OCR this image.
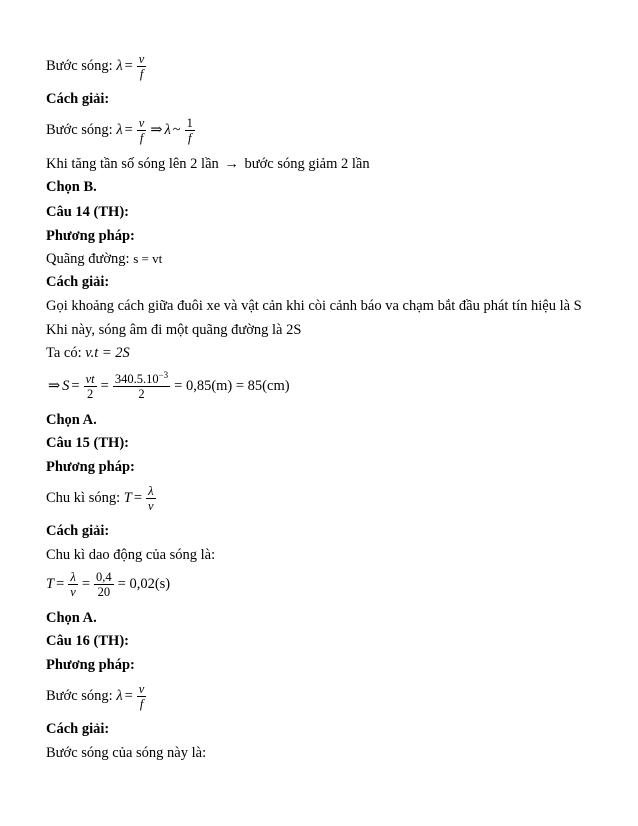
Bước sóng: $\lambda = \frac{v}{f}$
Cách giải:
Bước sóng: $\lambda = \frac{v}{f}$ ⇒ λ ~ $\frac{1}{f}$
Khi tăng tần số sóng lên 2 lần → bước sóng giảm 2 lần
Chọn B.
Câu 14 (TH):
Phương pháp:
Quãng đường: s = vt
Cách giải:
Gọi khoảng cách giữa đuôi xe và vật cản khi còi cảnh báo va chạm bắt đầu phát tín hiệu là S
Khi này, sóng âm đi một quãng đường là 2S
Ta có: v.t = 2S
⇒ $S = \frac{vt}{2} = \frac{340.5.10^{-3}}{2} = 0,85(m) = 85(cm)$
Chọn A.
Câu 15 (TH):
Phương pháp:
Chu kì sóng: $T = \frac{\lambda}{v}$
Cách giải:
Chu kì dao động của sóng là:
$T = \frac{\lambda}{v} = \frac{0,4}{20} = 0,02(s)$
Chọn A.
Câu 16 (TH):
Phương pháp:
Bước sóng: $\lambda = \frac{v}{f}$
Cách giải:
Bước sóng của sóng này là:
